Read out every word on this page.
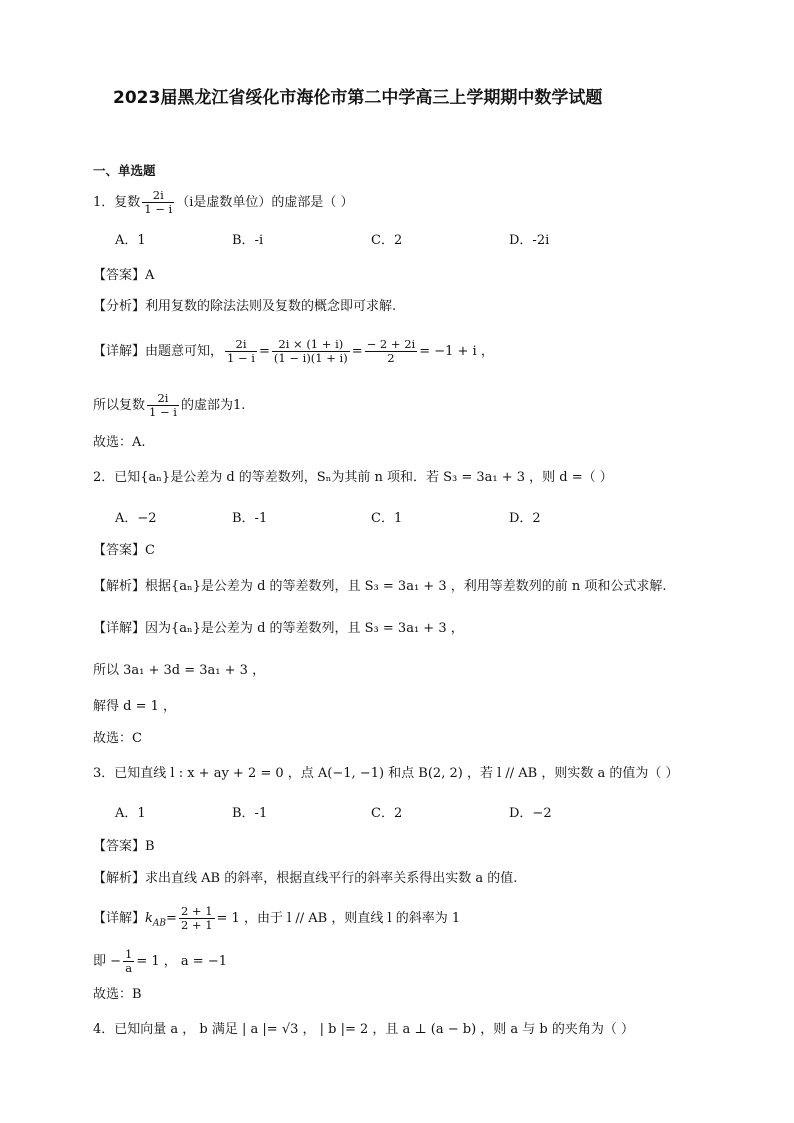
2023届黑龙江省绥化市海伦市第二中学高三上学期期中数学试题
一、单选题
1．复数 $\frac{2i}{1 - i} (i$是虚数单位）的虚部是（ ）
A．1	B．-i	C．2	D．-2i
【答案】A
【分析】利用复数的除法法则及复数的概念即可求解.
【详解】由题意可知， $\frac{2i}{1 - i} = \frac{2i \times (1 + i)}{(1 - i)(1 + i)} = \frac{- 2 + 2i}{2} = -1 + i$ ，
所以复数 $\frac{2i}{1 - i}$ 的虚部为1.
故选：A.
2．已知{aₙ}是公差为 d 的等差数列，Sₙ为其前 n 项和．若 S₃ = 3a₁ + 3 ，则 d =（ ）
A．−2	B．-1	C．1	D．2
【答案】C
【解析】根据{aₙ}是公差为 d 的等差数列，且 S₃ = 3a₁ + 3 ，利用等差数列的前 n 项和公式求解.
【详解】因为{aₙ}是公差为 d 的等差数列，且 S₃ = 3a₁ + 3 ，
所以 3a₁ + 3d = 3a₁ + 3 ，
解得 d = 1 ，
故选：C
3．已知直线 l : x + ay + 2 = 0 ，点 A(−1, −1) 和点 B(2, 2) ，若 l // AB ，则实数 a 的值为（ ）
A．1	B．-1	C．2	D．−2
【答案】B
【解析】求出直线 AB 的斜率，根据直线平行的斜率关系得出实数 a 的值.
【详解】$k_{AB}= \frac{2 + 1}{2 + 1} = 1$ ，由于 l // AB ，则直线 l 的斜率为 1
即 − $\frac{1}{a} = 1$ ， a = −1
故选：B
4．已知向量 a ， b 满足 | a |= √3 ， | b |= 2 ，且 a ⊥ (a − b) ，则 a 与 b 的夹角为（ ）
